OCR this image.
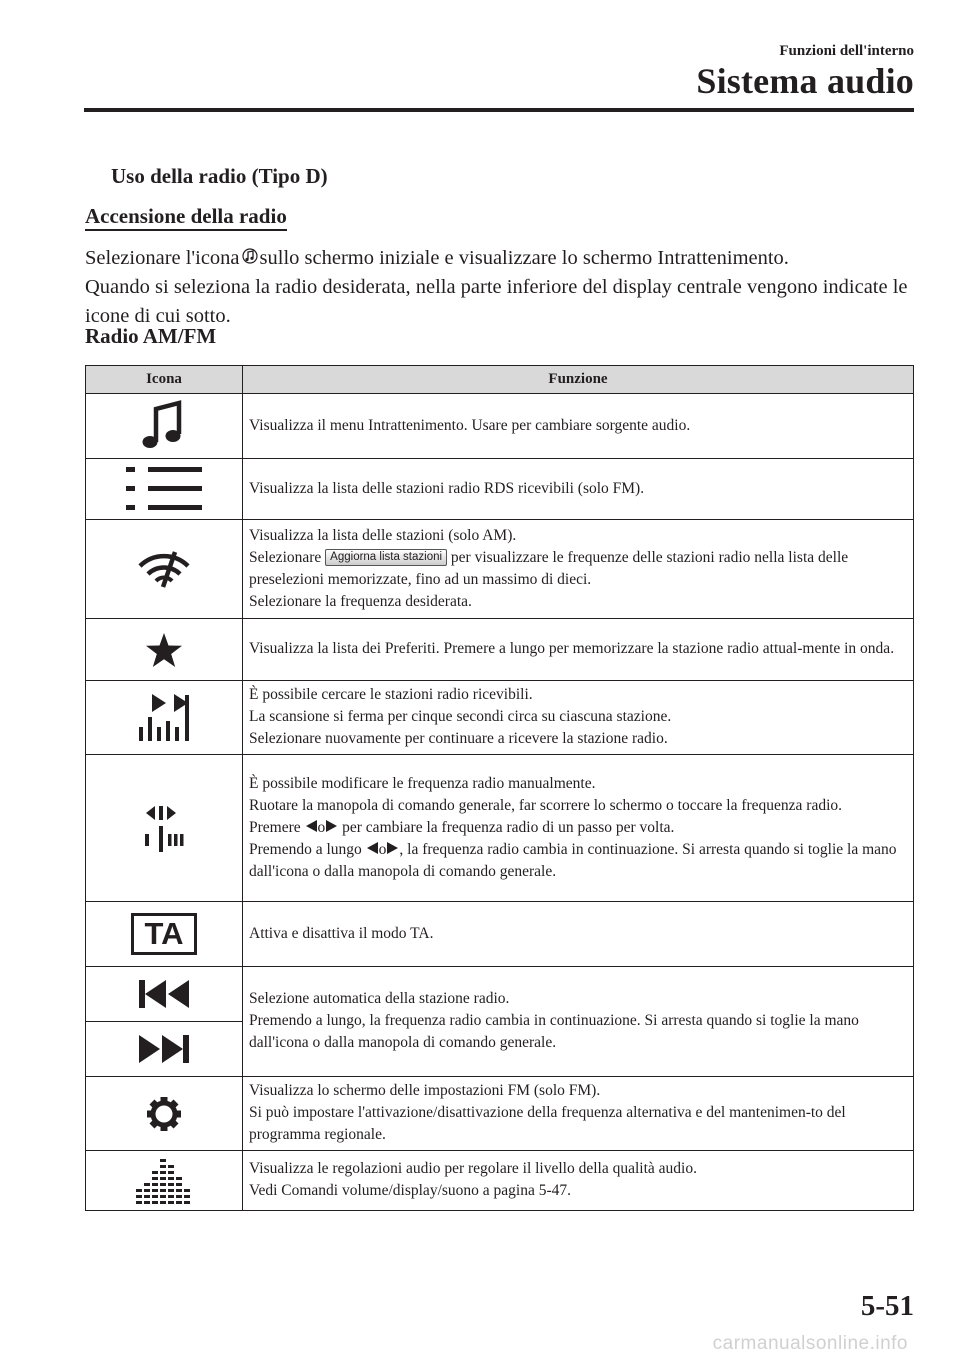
Funzioni dell'interno
Sistema audio
Uso della radio (Tipo D)
Accensione della radio

Selezionare l'icona sullo schermo iniziale e visualizzare lo schermo Intrattenimento.

Quando si seleziona la radio desiderata, nella parte inferiore del display centrale vengono indicate le icone di cui sotto.

Radio AM/FM
Icona	Funzione

	Visualizza il menu Intrattenimento. Usare per cambiare sorgente audio.

	Visualizza la lista delle stazioni radio RDS ricevibili (solo FM).

Visualizza la lista delle stazioni (solo AM).
Selezionare Aggiorna lista stazioni per visualizzare le frequenze delle stazioni radio nella lista delle preselezioni memorizzate, fino ad un massimo di dieci.
Selezionare la frequenza desiderata.

	Visualizza la lista dei Preferiti. Premere a lungo per memorizzare la stazione radio attual-mente in onda.

È possibile cercare le stazioni radio ricevibili.
La scansione si ferma per cinque secondi circa su ciascuna stazione.
Selezionare nuovamente per continuare a ricevere la stazione radio.

È possibile modificare le frequenza radio manualmente.
Ruotare la manopola di comando generale, far scorrere lo schermo o toccare la frequenza radio.
Premere o per cambiare la frequenza radio di un passo per volta.
Premendo a lungo o , la frequenza radio cambia in continuazione. Si arresta quando si toglie la mano dall'icona o dalla manopola di comando generale.

TA	Attiva e disattiva il modo TA.

Selezione automatica della stazione radio.
Premendo a lungo, la frequenza radio cambia in continuazione. Si arresta quando si toglie la mano dall'icona o dalla manopola di comando generale.

Visualizza lo schermo delle impostazioni FM (solo FM).
Si può impostare l'attivazione/disattivazione della frequenza alternativa e del mantenimen-to del programma regionale.

Visualizza le regolazioni audio per regolare il livello della qualità audio.
Vedi Comandi volume/display/suono a pagina 5-47.
5-51
carmanualsonline.info
